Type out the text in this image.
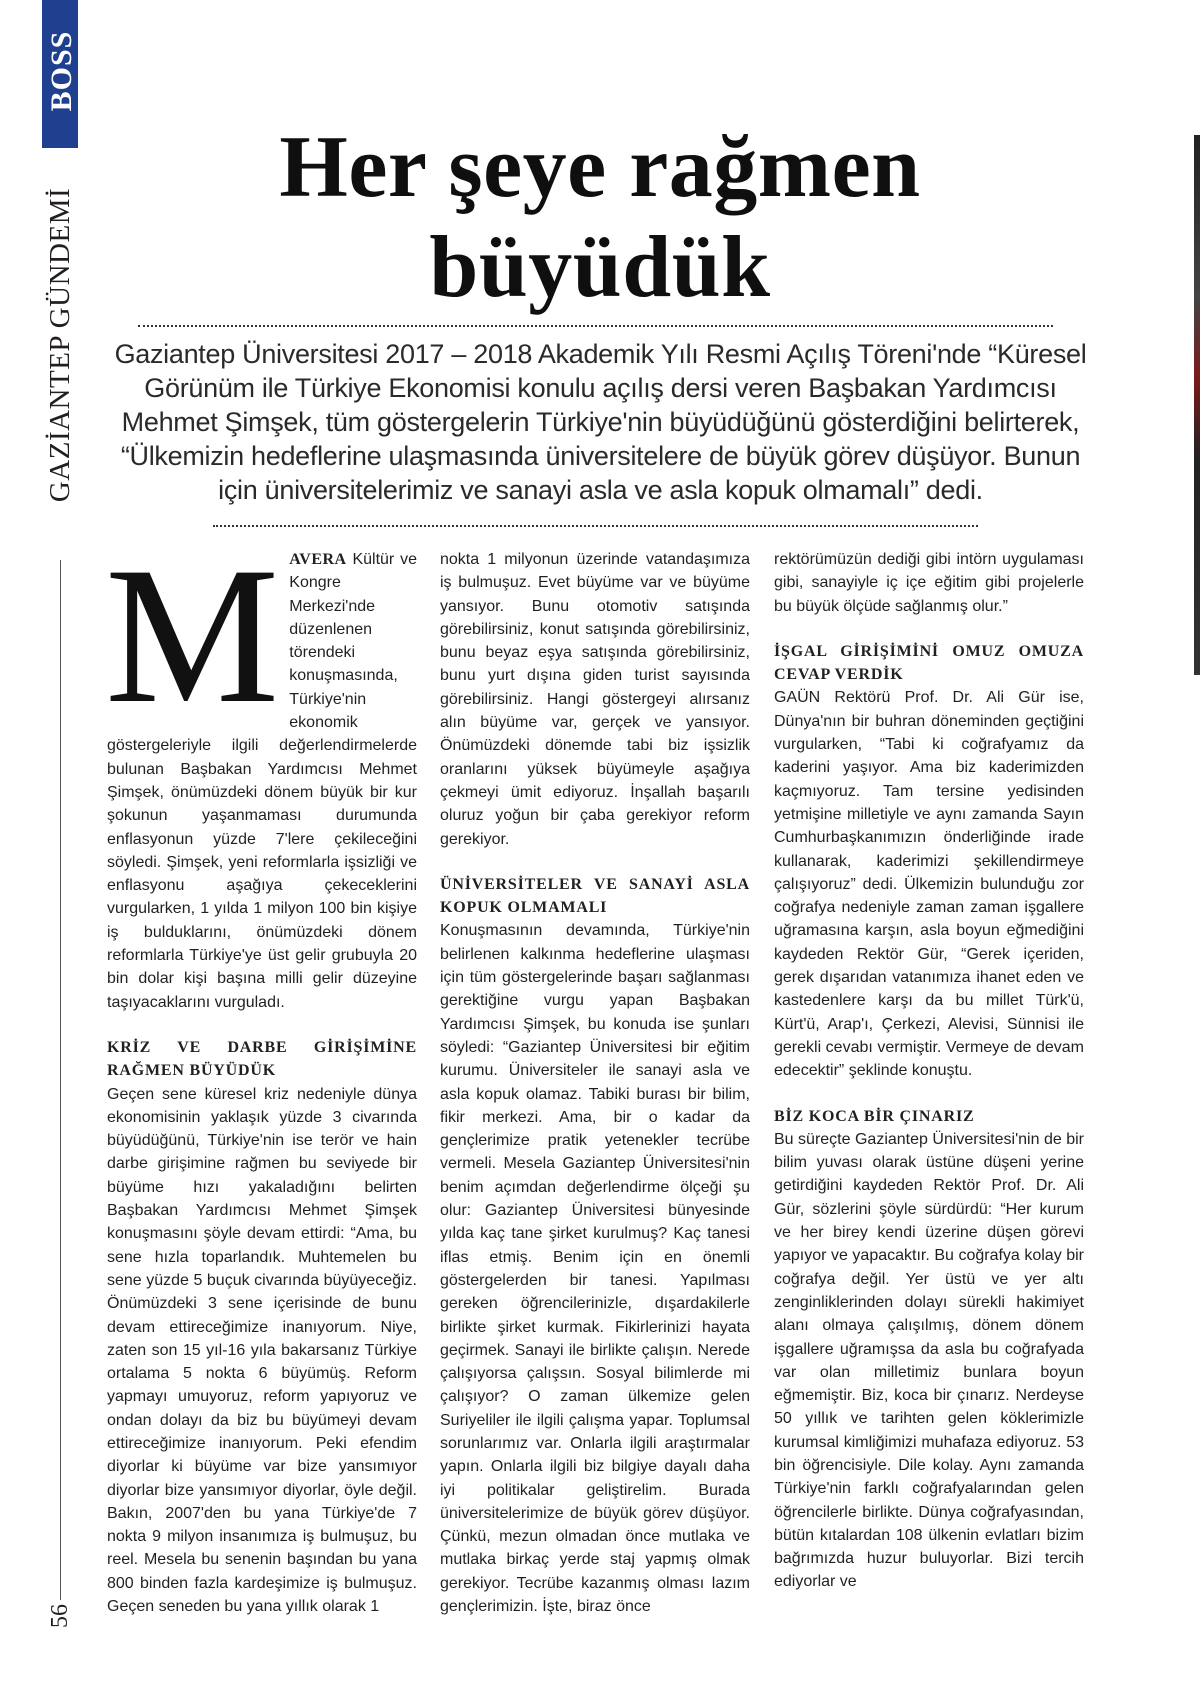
BOSS
GAZİANTEP GÜNDEMİ
56
Her şeye rağmen büyüdük
Gaziantep Üniversitesi 2017 – 2018 Akademik Yılı Resmi Açılış Töreni'nde “Küresel Görünüm ile Türkiye Ekonomisi konulu açılış dersi veren Başbakan Yardımcısı Mehmet Şimşek, tüm göstergelerin Türkiye'nin büyüdüğünü gösterdiğini belirterek, “Ülkemizin hedeflerine ulaşmasında üniversitelere de büyük görev düşüyor. Bunun için üniversitelerimiz ve sanayi asla ve asla kopuk olmamalı” dedi.

MAVERA Kültür ve Kongre Merkezi'nde düzenlenen törendeki konuşmasında, Türkiye'nin ekonomik göstergeleriyle ilgili değerlendirmelerde bulunan Başbakan Yardımcısı Mehmet Şimşek, önümüzdeki dönem büyük bir kur şokunun yaşanmaması durumunda enflasyonun yüzde 7'lere çekileceğini söyledi. Şimşek, yeni reformlarla işsizliği ve enflasyonu aşağıya çekeceklerini vurgularken, 1 yılda 1 milyon 100 bin kişiye iş bulduklarını, önümüzdeki dönem reformlarla Türkiye'ye üst gelir grubuyla 20 bin dolar kişi başına milli gelir düzeyine taşıyacaklarını vurguladı.

KRİZ VE DARBE GİRİŞİMİNE RAĞMEN BÜYÜDÜK

Geçen sene küresel kriz nedeniyle dünya ekonomisinin yaklaşık yüzde 3 civarında büyüdüğünü, Türkiye'nin ise terör ve hain darbe girişimine rağmen bu seviyede bir büyüme hızı yakaladığını belirten Başbakan Yardımcısı Mehmet Şimşek konuşmasını şöyle devam ettirdi: “Ama, bu sene hızla toparlandık. Muhtemelen bu sene yüzde 5 buçuk civarında büyüyeceğiz. Önümüzdeki 3 sene içerisinde de bunu devam ettireceğimize inanıyorum. Niye, zaten son 15 yıl-16 yıla bakarsanız Türkiye ortalama 5 nokta 6 büyümüş. Reform yapmayı umuyoruz, reform yapıyoruz ve ondan dolayı da biz bu büyümeyi devam ettireceğimize inanıyorum. Peki efendim diyorlar ki büyüme var bize yansımıyor diyorlar bize yansımıyor diyorlar, öyle değil. Bakın, 2007'den bu yana Türkiye'de 7 nokta 9 milyon insanımıza iş bulmuşuz, bu reel. Mesela bu senenin başından bu yana 800 binden fazla kardeşimize iş bulmuşuz. Geçen seneden bu yana yıllık olarak 1

nokta 1 milyonun üzerinde vatandaşımıza iş bulmuşuz. Evet büyüme var ve büyüme yansıyor. Bunu otomotiv satışında görebilirsiniz, konut satışında görebilirsiniz, bunu beyaz eşya satışında görebilirsiniz, bunu yurt dışına giden turist sayısında görebilirsiniz. Hangi göstergeyi alırsanız alın büyüme var, gerçek ve yansıyor. Önümüzdeki dönemde tabi biz işsizlik oranlarını yüksek büyümeyle aşağıya çekmeyi ümit ediyoruz. İnşallah başarılı oluruz yoğun bir çaba gerekiyor reform gerekiyor.

ÜNİVERSİTELER VE SANAYİ ASLA KOPUK OLMAMALI

Konuşmasının devamında, Türkiye'nin belirlenen kalkınma hedeflerine ulaşması için tüm göstergelerinde başarı sağlanması gerektiğine vurgu yapan Başbakan Yardımcısı Şimşek, bu konuda ise şunları söyledi: “Gaziantep Üniversitesi bir eğitim kurumu. Üniversiteler ile sanayi asla ve asla kopuk olamaz. Tabiki burası bir bilim, fikir merkezi. Ama, bir o kadar da gençlerimize pratik yetenekler tecrübe vermeli. Mesela Gaziantep Üniversitesi'nin benim açımdan değerlendirme ölçeği şu olur: Gaziantep Üniversitesi bünyesinde yılda kaç tane şirket kurulmuş? Kaç tanesi iflas etmiş. Benim için en önemli göstergelerden bir tanesi. Yapılması gereken öğrencilerinizle, dışardakilerle birlikte şirket kurmak. Fikirlerinizi hayata geçirmek. Sanayi ile birlikte çalışın. Nerede çalışıyorsa çalışsın. Sosyal bilimlerde mi çalışıyor? O zaman ülkemize gelen Suriyeliler ile ilgili çalışma yapar. Toplumsal sorunlarımız var. Onlarla ilgili araştırmalar yapın. Onlarla ilgili biz bilgiye dayalı daha iyi politikalar geliştirelim. Burada üniversitelerimize de büyük görev düşüyor. Çünkü, mezun olmadan önce mutlaka ve mutlaka birkaç yerde staj yapmış olmak gerekiyor. Tecrübe kazanmış olması lazım gençlerimizin. İşte, biraz önce

rektörümüzün dediği gibi intörn uygulaması gibi, sanayiyle iç içe eğitim gibi projelerle bu büyük ölçüde sağlanmış olur.”

İŞGAL GİRİŞİMİNİ OMUZ OMUZA CEVAP VERDİK

GAÜN Rektörü Prof. Dr. Ali Gür ise, Dünya'nın bir buhran döneminden geçtiğini vurgularken, “Tabi ki coğrafyamız da kaderini yaşıyor. Ama biz kaderimizden kaçmıyoruz. Tam tersine yedisinden yetmişine milletiyle ve aynı zamanda Sayın Cumhurbaşkanımızın önderliğinde irade kullanarak, kaderimizi şekillendirmeye çalışıyoruz” dedi. Ülkemizin bulunduğu zor coğrafya nedeniyle zaman zaman işgallere uğramasına karşın, asla boyun eğmediğini kaydeden Rektör Gür, “Gerek içeriden, gerek dışarıdan vatanımıza ihanet eden ve kastedenlere karşı da bu millet Türk'ü, Kürt'ü, Arap'ı, Çerkezi, Alevisi, Sünnisi ile gerekli cevabı vermiştir. Vermeye de devam edecektir” şeklinde konuştu.

BİZ KOCA BİR ÇINARIZ

Bu süreçte Gaziantep Üniversitesi'nin de bir bilim yuvası olarak üstüne düşeni yerine getirdiğini kaydeden Rektör Prof. Dr. Ali Gür, sözlerini şöyle sürdürdü: “Her kurum ve her birey kendi üzerine düşen görevi yapıyor ve yapacaktır. Bu coğrafya kolay bir coğrafya değil. Yer üstü ve yer altı zenginliklerinden dolayı sürekli hakimiyet alanı olmaya çalışılmış, dönem dönem işgallere uğramışsa da asla bu coğrafyada var olan milletimiz bunlara boyun eğmemiştir. Biz, koca bir çınarız. Nerdeyse 50 yıllık ve tarihten gelen köklerimizle kurumsal kimliğimizi muhafaza ediyoruz. 53 bin öğrencisiyle. Dile kolay. Aynı zamanda Türkiye'nin farklı coğrafyalarından gelen öğrencilerle birlikte. Dünya coğrafyasından, bütün kıtalardan 108 ülkenin evlatları bizim bağrımızda huzur buluyorlar. Bizi tercih ediyorlar ve
